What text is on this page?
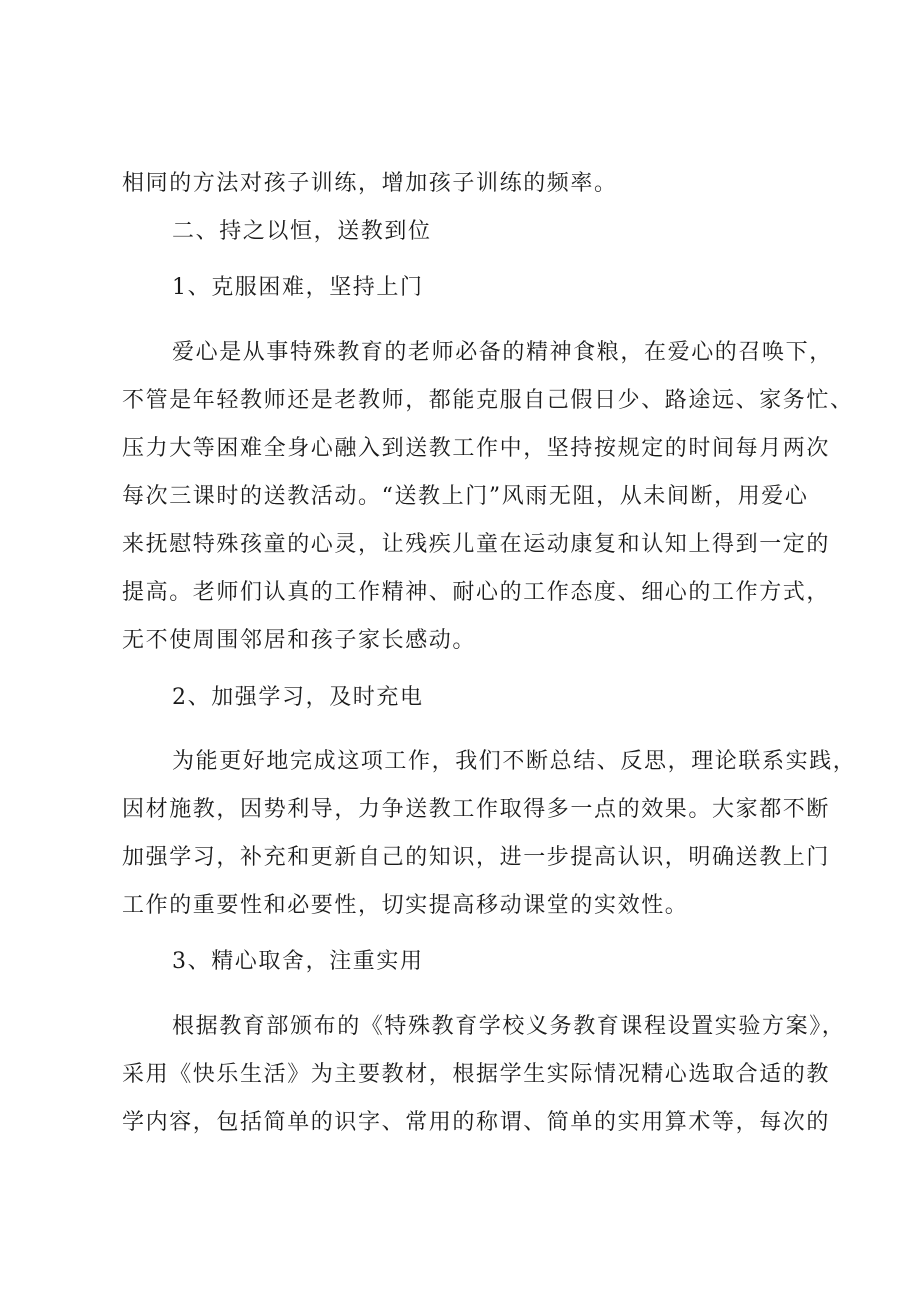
相同的方法对孩子训练，增加孩子训练的频率。
二、持之以恒，送教到位
1、克服困难，坚持上门
爱心是从事特殊教育的老师必备的精神食粮，在爱心的召唤下，
不管是年轻教师还是老教师，都能克服自己假日少、路途远、家务忙、
压力大等困难全身心融入到送教工作中，坚持按规定的时间每月两次
每次三课时的送教活动。“送教上门”风雨无阻，从未间断，用爱心
来抚慰特殊孩童的心灵，让残疾儿童在运动康复和认知上得到一定的
提高。老师们认真的工作精神、耐心的工作态度、细心的工作方式，
无不使周围邻居和孩子家长感动。
2、加强学习，及时充电
为能更好地完成这项工作，我们不断总结、反思，理论联系实践，
因材施教，因势利导，力争送教工作取得多一点的效果。大家都不断
加强学习，补充和更新自己的知识，进一步提高认识，明确送教上门
工作的重要性和必要性，切实提高移动课堂的实效性。
3、精心取舍，注重实用
根据教育部颁布的《特殊教育学校义务教育课程设置实验方案》，
采用《快乐生活》为主要教材，根据学生实际情况精心选取合适的教
学内容，包括简单的识字、常用的称谓、简单的实用算术等，每次的
